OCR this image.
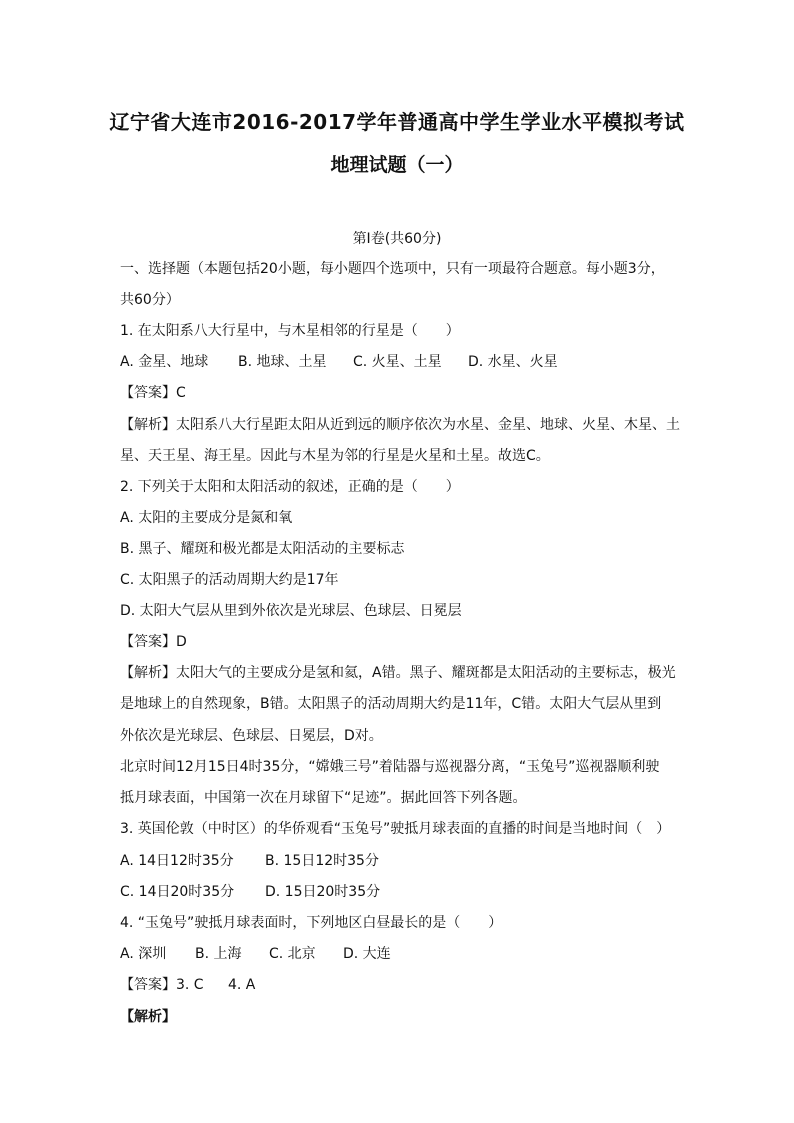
辽宁省大连市2016-2017学年普通高中学生学业水平模拟考试
地理试题（一）
第Ⅰ卷(共60分)
一、选择题（本题包括20小题，每小题四个选项中，只有一项最符合题意。每小题3分，
共60分）
1. 在太阳系八大行星中，与木星相邻的行星是（　　）
A. 金星、地球	B. 地球、土星	C. 火星、土星	D. 水星、火星
【答案】C
【解析】太阳系八大行星距太阳从近到远的顺序依次为水星、金星、地球、火星、木星、土
星、天王星、海王星。因此与木星为邻的行星是火星和土星。故选C。
2. 下列关于太阳和太阳活动的叙述，正确的是（　　）
A. 太阳的主要成分是氮和氧
B. 黑子、耀斑和极光都是太阳活动的主要标志
C. 太阳黑子的活动周期大约是17年
D. 太阳大气层从里到外依次是光球层、色球层、日冕层
【答案】D
【解析】太阳大气的主要成分是氢和氦，A错。黑子、耀斑都是太阳活动的主要标志，极光
是地球上的自然现象，B错。太阳黑子的活动周期大约是11年，C错。太阳大气层从里到
外依次是光球层、色球层、日冕层，D对。
北京时间12月15日4时35分，“嫦娥三号”着陆器与巡视器分离，“玉兔号”巡视器顺利驶
抵月球表面，中国第一次在月球留下“足迹”。据此回答下列各题。
3. 英国伦敦（中时区）的华侨观看“玉兔号”驶抵月球表面的直播的时间是当地时间（　）
A. 14日12时35分	B. 15日12时35分
C. 14日20时35分	D. 15日20时35分
4. “玉兔号”驶抵月球表面时，下列地区白昼最长的是（　　）
A. 深圳	B. 上海	C. 北京	D. 大连
【答案】3. C 4. A
【解析】
